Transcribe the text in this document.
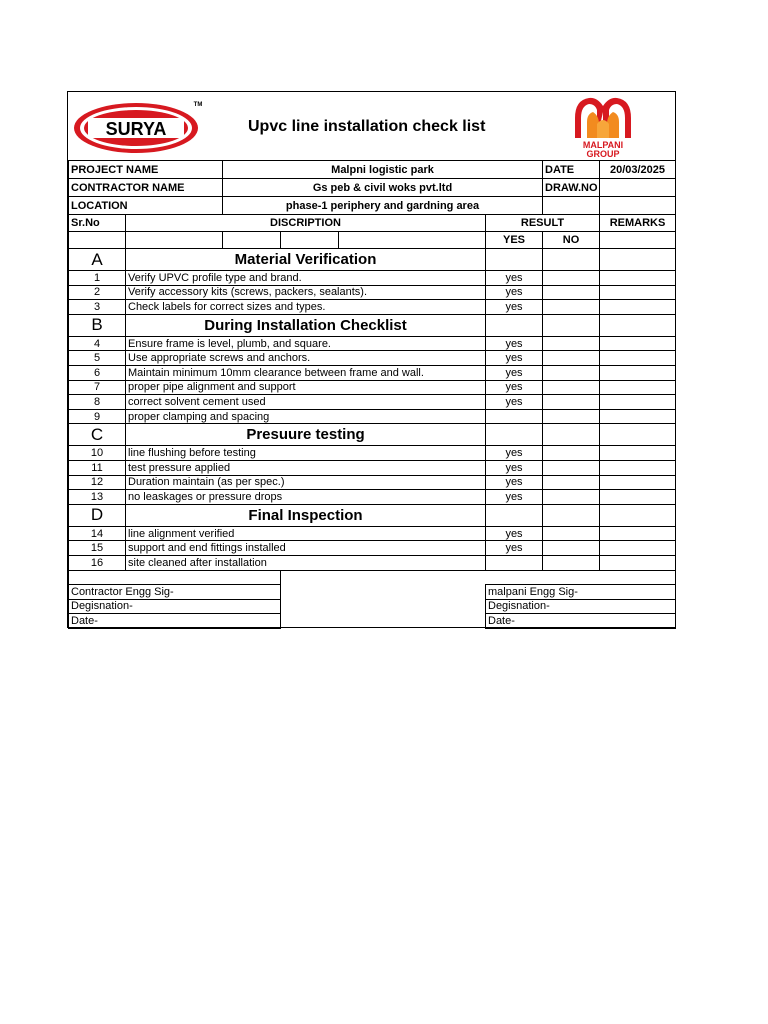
SURYA
TM
Upvc line installation check list
MALPANI
GROUP
PROJECT NAME		Malpni logistic park				DATE	20/03/2025
CONTRACTOR NAME		Gs peb & civil woks pvt.ltd				DRAW.NO	
LOCATION		phase-1 periphery and gardning area					
Sr.No	DISCRIPTION				RESULT		REMARKS
					YES	NO	
A	Material Verification						
1	Verify UPVC profile type and brand.				yes		
2	Verify accessory kits (screws, packers, sealants).				yes		
3	Check labels for correct sizes and types.				yes		
B	During Installation Checklist						
4	Ensure frame is level, plumb, and square.				yes		
5	Use appropriate screws and anchors.				yes		
6	Maintain minimum 10mm clearance between frame and wall.				yes		
7	proper pipe alignment and support				yes		
8	correct solvent cement used				yes		
9	proper clamping and spacing						
C	Presuure testing						
10	line flushing before testing				yes		
11	test pressure applied				yes		
12	Duration maintain (as per spec.)				yes		
13	no leaskages or pressure drops				yes		
D	Final Inspection						
14	line alignment verified				yes		
15	support and end fittings installed				yes		
16	site cleaned after installation						

Contractor Engg Sig-					malpani Engg Sig-		
Degisnation-					Degisnation-		
Date-					Date-		
